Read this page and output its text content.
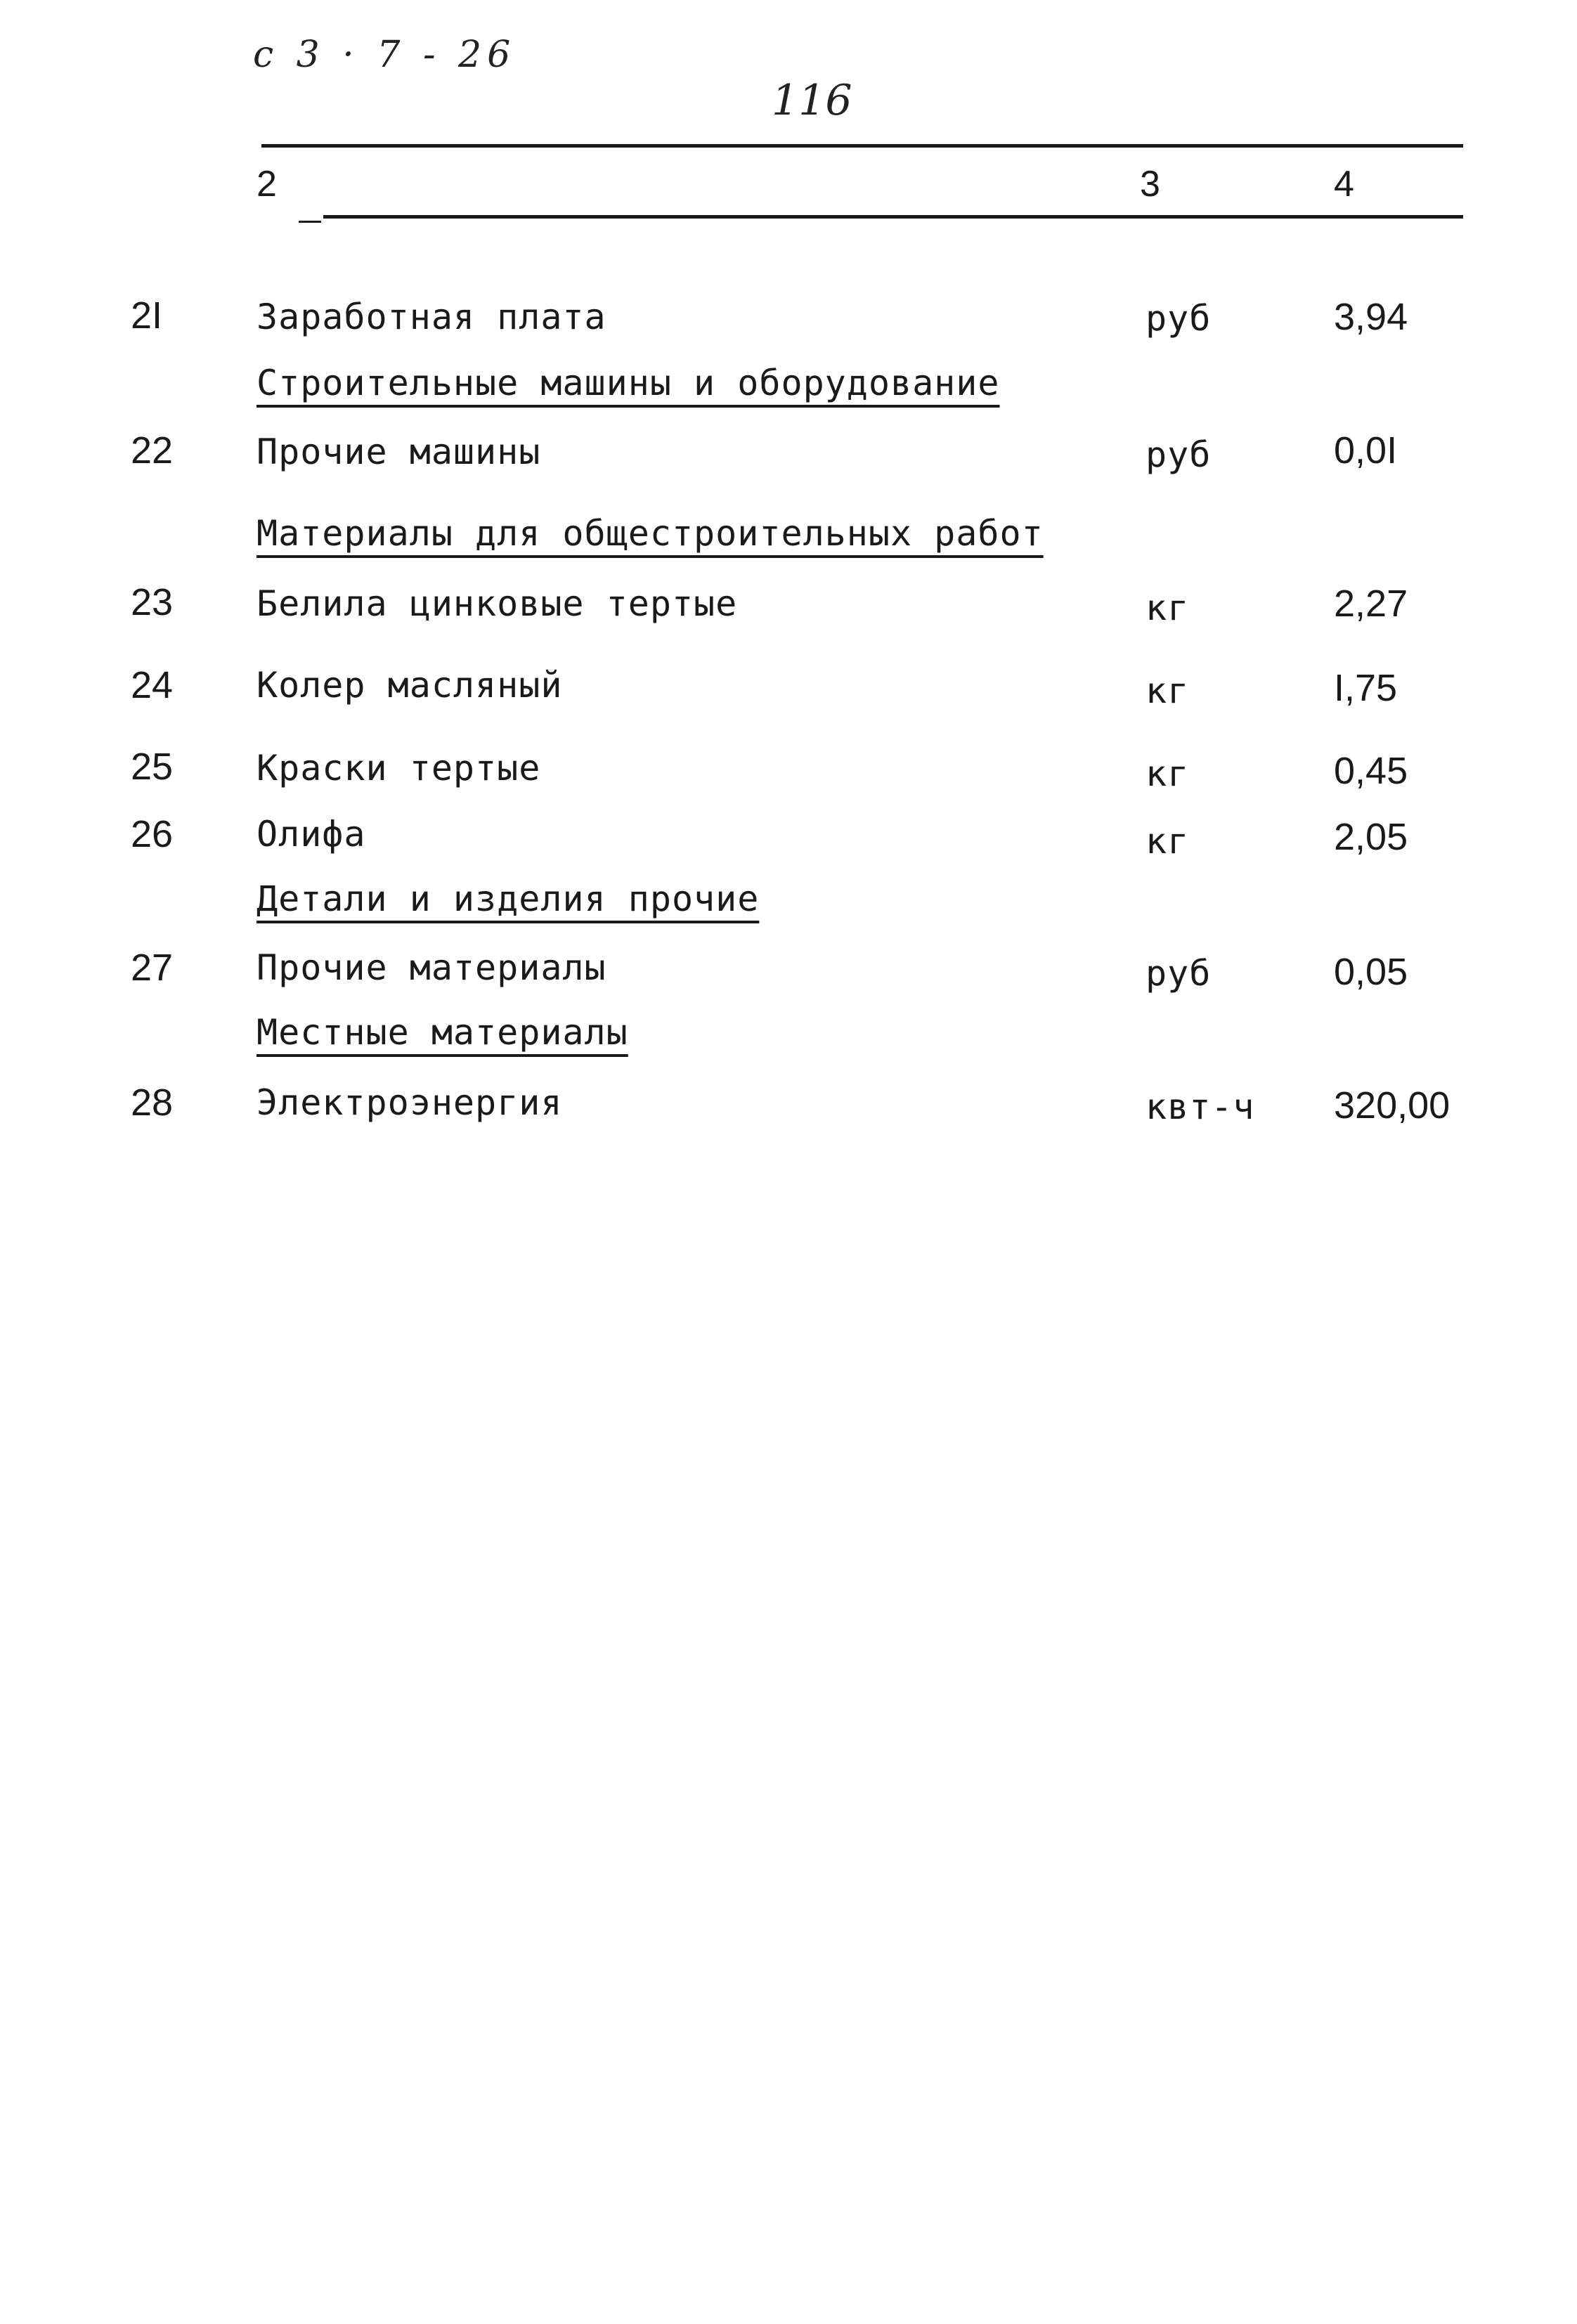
с 3 · 7 - 26
116
2	3	4
2I	Заработная плата	руб	3,94
Строительные машины и оборудование
22 Прочие машины	руб	0,0I
Материалы для общестроительных работ
23 Белила цинковые тертые	кг	2,27
24 Колер масляный	кг	I,75
25 Краски тертые	кг	0,45
26 Олифа	кг	2,05
Детали и изделия прочие
27 Прочие материалы	руб	0,05
Местные материалы
28 Электроэнергия	квт-ч 320,00
